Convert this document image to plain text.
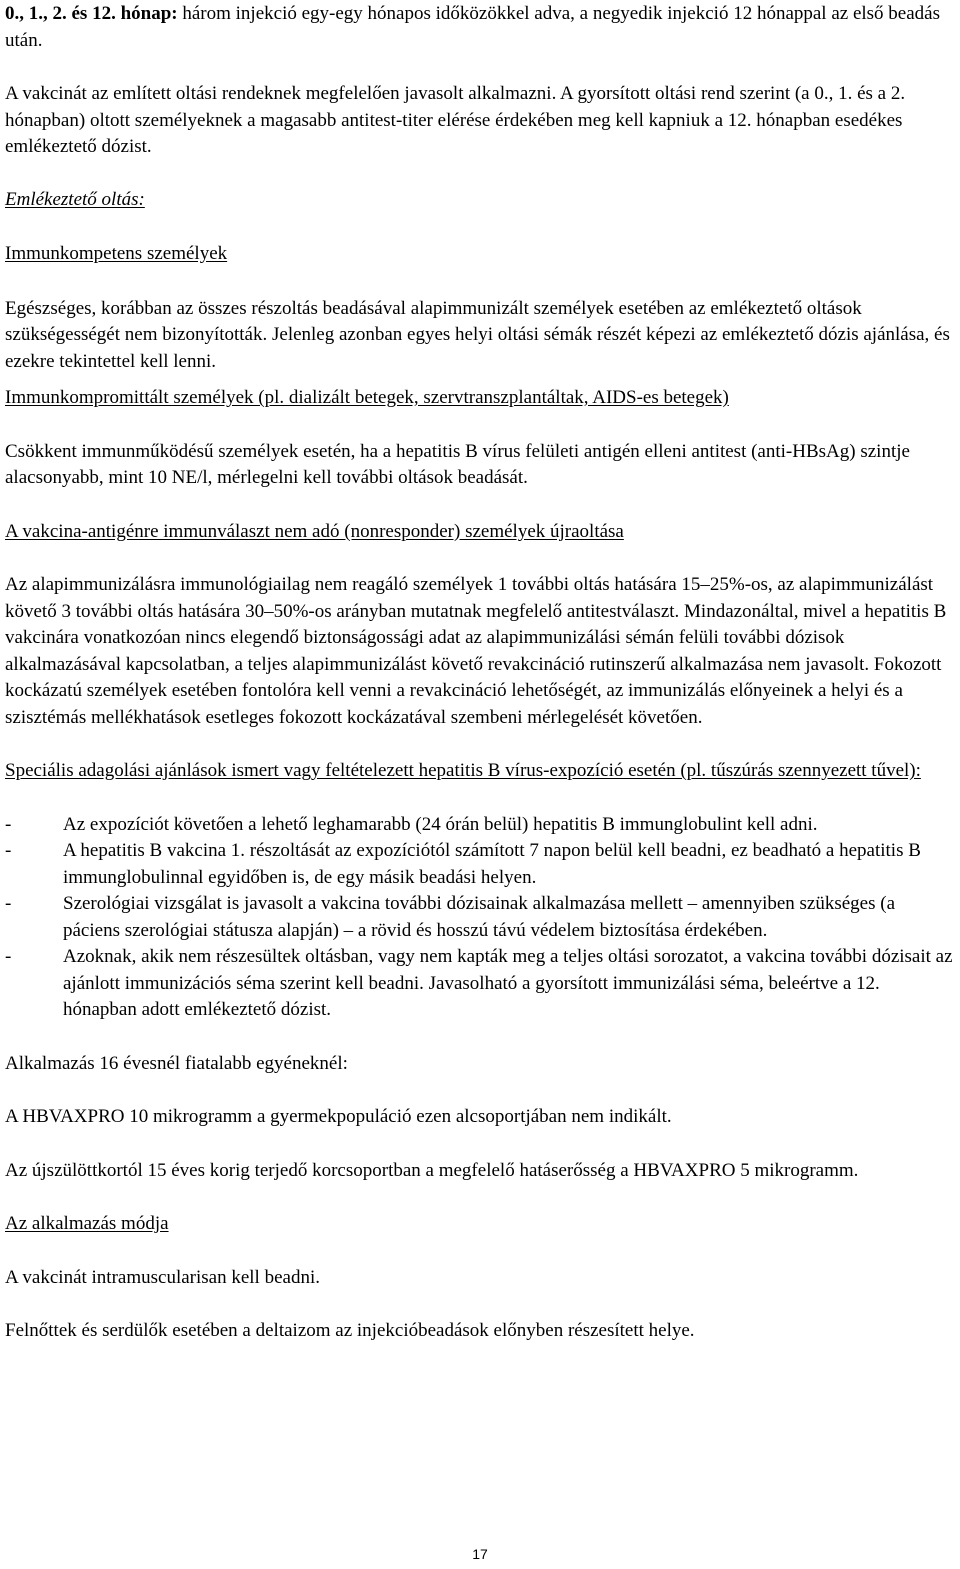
0., 1., 2. és 12. hónap: három injekció egy-egy hónapos időközökkel adva, a negyedik injekció 12 hónappal az első beadás után.

A vakcinát az említett oltási rendeknek megfelelően javasolt alkalmazni. A gyorsított oltási rend szerint (a 0., 1. és a 2. hónapban) oltott személyeknek a magasabb antitest-titer elérése érdekében meg kell kapniuk a 12. hónapban esedékes emlékeztető dózist.

Emlékeztető oltás:

Immunkompetens személyek

Egészséges, korábban az összes részoltás beadásával alapimmunizált személyek esetében az emlékeztető oltások szükségességét nem bizonyították. Jelenleg azonban egyes helyi oltási sémák részét képezi az emlékeztető dózis ajánlása, és ezekre tekintettel kell lenni.

Immunkompromittált személyek (pl. dializált betegek, szervtranszplantáltak, AIDS-es betegek)

Csökkent immunműködésű személyek esetén, ha a hepatitis B vírus felületi antigén elleni antitest (anti-HBsAg) szintje alacsonyabb, mint 10 NE/l, mérlegelni kell további oltások beadását.

A vakcina-antigénre immunválaszt nem adó (nonresponder) személyek újraoltása

Az alapimmunizálásra immunológiailag nem reagáló személyek 1 további oltás hatására 15–25%-os, az alapimmunizálást követő 3 további oltás hatására 30–50%-os arányban mutatnak megfelelő antitestválaszt. Mindazonáltal, mivel a hepatitis B vakcinára vonatkozóan nincs elegendő biztonságossági adat az alapimmunizálási sémán felüli további dózisok alkalmazásával kapcsolatban, a teljes alapimmunizálást követő revakcináció rutinszerű alkalmazása nem javasolt. Fokozott kockázatú személyek esetében fontolóra kell venni a revakcináció lehetőségét, az immunizálás előnyeinek a helyi és a szisztémás mellékhatások esetleges fokozott kockázatával szembeni mérlegelését követően.

Speciális adagolási ajánlások ismert vagy feltételezett hepatitis B vírus-expozíció esetén (pl. tűszúrás szennyezett tűvel):

-	Az expozíciót követően a lehető leghamarabb (24 órán belül) hepatitis B immunglobulint kell adni.
-	A hepatitis B vakcina 1. részoltását az expozíciótól számított 7 napon belül kell beadni, ez beadható a hepatitis B immunglobulinnal egyidőben is, de egy másik beadási helyen.
-	Szerológiai vizsgálat is javasolt a vakcina további dózisainak alkalmazása mellett – amennyiben szükséges (a páciens szerológiai státusza alapján) – a rövid és hosszú távú védelem biztosítása érdekében.
-	Azoknak, akik nem részesültek oltásban, vagy nem kapták meg a teljes oltási sorozatot, a vakcina további dózisait az ajánlott immunizációs séma szerint kell beadni. Javasolható a gyorsított immunizálási séma, beleértve a 12. hónapban adott emlékeztető dózist.

Alkalmazás 16 évesnél fiatalabb egyéneknél:

A HBVAXPRO 10 mikrogramm a gyermekpopuláció ezen alcsoportjában nem indikált.

Az újszülöttkortól 15 éves korig terjedő korcsoportban a megfelelő hatáserősség a HBVAXPRO 5 mikrogramm.

Az alkalmazás módja

A vakcinát intramuscularisan kell beadni.

Felnőttek és serdülők esetében a deltaizom az injekcióbeadások előnyben részesített helye.

17
